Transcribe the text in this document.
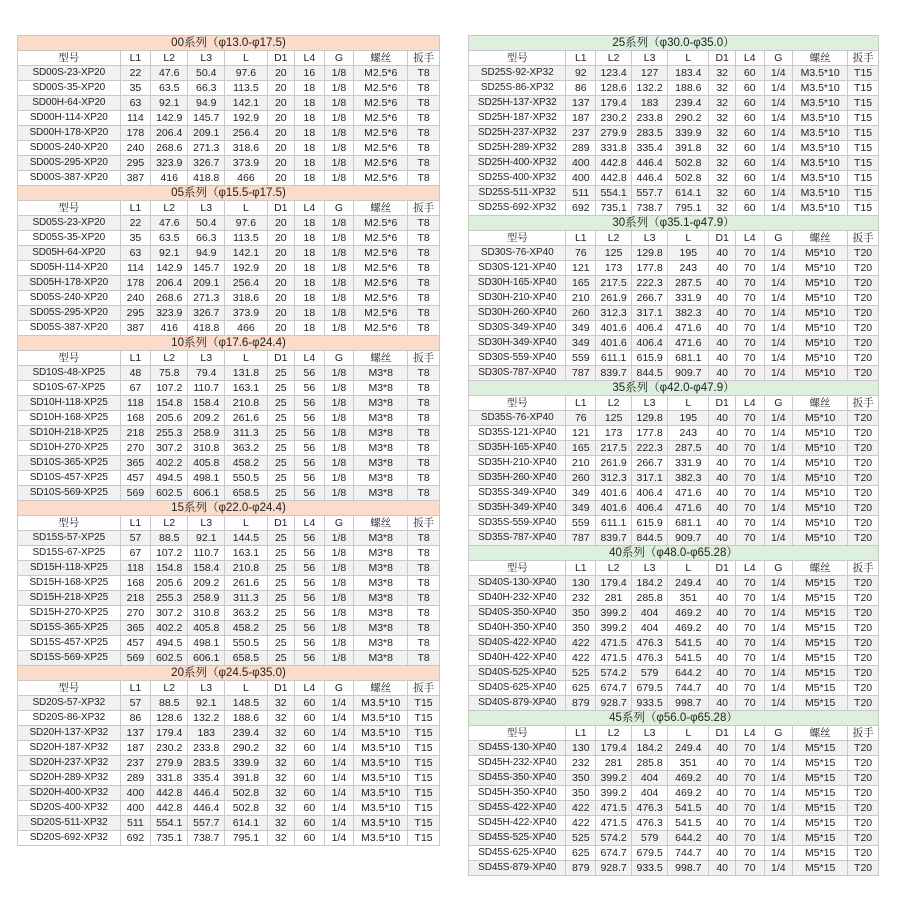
00系列（φ13.0-φ17.5)									
型号	L1	L2	L3	L	D1	L4	G	螺丝	扳手
SD00S-23-XP20	22	47.6	50.4	97.6	20	16	1/8	M2.5*6	T8
SD00S-35-XP20	35	63.5	66.3	113.5	20	18	1/8	M2.5*6	T8
SD00H-64-XP20	63	92.1	94.9	142.1	20	18	1/8	M2.5*6	T8
SD00H-114-XP20	114	142.9	145.7	192.9	20	18	1/8	M2.5*6	T8
SD00H-178-XP20	178	206.4	209.1	256.4	20	18	1/8	M2.5*6	T8
SD00S-240-XP20	240	268.6	271.3	318.6	20	18	1/8	M2.5*6	T8
SD00S-295-XP20	295	323.9	326.7	373.9	20	18	1/8	M2.5*6	T8
SD00S-387-XP20	387	416	418.8	466	20	18	1/8	M2.5*6	T8
05系列（φ15.5-φ17.5)									
型号	L1	L2	L3	L	D1	L4	G	螺丝	扳手
SD05S-23-XP20	22	47.6	50.4	97.6	20	18	1/8	M2.5*6	T8
SD05S-35-XP20	35	63.5	66.3	113.5	20	18	1/8	M2.5*6	T8
SD05H-64-XP20	63	92.1	94.9	142.1	20	18	1/8	M2.5*6	T8
SD05H-114-XP20	114	142.9	145.7	192.9	20	18	1/8	M2.5*6	T8
SD05H-178-XP20	178	206.4	209.1	256.4	20	18	1/8	M2.5*6	T8
SD05S-240-XP20	240	268.6	271.3	318.6	20	18	1/8	M2.5*6	T8
SD05S-295-XP20	295	323.9	326.7	373.9	20	18	1/8	M2.5*6	T8
SD05S-387-XP20	387	416	418.8	466	20	18	1/8	M2.5*6	T8
10系列（φ17.6-φ24.4)									
型号	L1	L2	L3	L	D1	L4	G	螺丝	扳手
SD10S-48-XP25	48	75.8	79.4	131.8	25	56	1/8	M3*8	T8
SD10S-67-XP25	67	107.2	110.7	163.1	25	56	1/8	M3*8	T8
SD10H-118-XP25	118	154.8	158.4	210.8	25	56	1/8	M3*8	T8
SD10H-168-XP25	168	205.6	209.2	261.6	25	56	1/8	M3*8	T8
SD10H-218-XP25	218	255.3	258.9	311.3	25	56	1/8	M3*8	T8
SD10H-270-XP25	270	307.2	310.8	363.2	25	56	1/8	M3*8	T8
SD10S-365-XP25	365	402.2	405.8	458.2	25	56	1/8	M3*8	T8
SD10S-457-XP25	457	494.5	498.1	550.5	25	56	1/8	M3*8	T8
SD10S-569-XP25	569	602.5	606.1	658.5	25	56	1/8	M3*8	T8
15系列（φ22.0-φ24.4)									
型号	L1	L2	L3	L	D1	L4	G	螺丝	扳手
SD15S-57-XP25	57	88.5	92.1	144.5	25	56	1/8	M3*8	T8
SD15S-67-XP25	67	107.2	110.7	163.1	25	56	1/8	M3*8	T8
SD15H-118-XP25	118	154.8	158.4	210.8	25	56	1/8	M3*8	T8
SD15H-168-XP25	168	205.6	209.2	261.6	25	56	1/8	M3*8	T8
SD15H-218-XP25	218	255.3	258.9	311.3	25	56	1/8	M3*8	T8
SD15H-270-XP25	270	307.2	310.8	363.2	25	56	1/8	M3*8	T8
SD15S-365-XP25	365	402.2	405.8	458.2	25	56	1/8	M3*8	T8
SD15S-457-XP25	457	494.5	498.1	550.5	25	56	1/8	M3*8	T8
SD15S-569-XP25	569	602.5	606.1	658.5	25	56	1/8	M3*8	T8
20系列（φ24.5-φ35.0)									
型号	L1	L2	L3	L	D1	L4	G	螺丝	扳手
SD20S-57-XP32	57	88.5	92.1	148.5	32	60	1/4	M3.5*10	T15
SD20S-86-XP32	86	128.6	132.2	188.6	32	60	1/4	M3.5*10	T15
SD20H-137-XP32	137	179.4	183	239.4	32	60	1/4	M3.5*10	T15
SD20H-187-XP32	187	230.2	233.8	290.2	32	60	1/4	M3.5*10	T15
SD20H-237-XP32	237	279.9	283.5	339.9	32	60	1/4	M3.5*10	T15
SD20H-289-XP32	289	331.8	335.4	391.8	32	60	1/4	M3.5*10	T15
SD20H-400-XP32	400	442.8	446.4	502.8	32	60	1/4	M3.5*10	T15
SD20S-400-XP32	400	442.8	446.4	502.8	32	60	1/4	M3.5*10	T15
SD20S-511-XP32	511	554.1	557.7	614.1	32	60	1/4	M3.5*10	T15
SD20S-692-XP32	692	735.1	738.7	795.1	32	60	1/4	M3.5*10	T15
25系列（φ30.0-φ35.0）									
型号	L1	L2	L3	L	D1	L4	G	螺丝	扳手
SD25S-92-XP32	92	123.4	127	183.4	32	60	1/4	M3.5*10	T15
SD25S-86-XP32	86	128.6	132.2	188.6	32	60	1/4	M3.5*10	T15
SD25H-137-XP32	137	179.4	183	239.4	32	60	1/4	M3.5*10	T15
SD25H-187-XP32	187	230.2	233.8	290.2	32	60	1/4	M3.5*10	T15
SD25H-237-XP32	237	279.9	283.5	339.9	32	60	1/4	M3.5*10	T15
SD25H-289-XP32	289	331.8	335.4	391.8	32	60	1/4	M3.5*10	T15
SD25H-400-XP32	400	442.8	446.4	502.8	32	60	1/4	M3.5*10	T15
SD25S-400-XP32	400	442.8	446.4	502.8	32	60	1/4	M3.5*10	T15
SD25S-511-XP32	511	554.1	557.7	614.1	32	60	1/4	M3.5*10	T15
SD25S-692-XP32	692	735.1	738.7	795.1	32	60	1/4	M3.5*10	T15
30系列（φ35.1-φ47.9）									
型号	L1	L2	L3	L	D1	L4	G	螺丝	扳手
SD30S-76-XP40	76	125	129.8	195	40	70	1/4	M5*10	T20
SD30S-121-XP40	121	173	177.8	243	40	70	1/4	M5*10	T20
SD30H-165-XP40	165	217.5	222.3	287.5	40	70	1/4	M5*10	T20
SD30H-210-XP40	210	261.9	266.7	331.9	40	70	1/4	M5*10	T20
SD30H-260-XP40	260	312.3	317.1	382.3	40	70	1/4	M5*10	T20
SD30S-349-XP40	349	401.6	406.4	471.6	40	70	1/4	M5*10	T20
SD30H-349-XP40	349	401.6	406.4	471.6	40	70	1/4	M5*10	T20
SD30S-559-XP40	559	611.1	615.9	681.1	40	70	1/4	M5*10	T20
SD30S-787-XP40	787	839.7	844.5	909.7	40	70	1/4	M5*10	T20
35系列（φ42.0-φ47.9）									
型号	L1	L2	L3	L	D1	L4	G	螺丝	扳手
SD35S-76-XP40	76	125	129.8	195	40	70	1/4	M5*10	T20
SD35S-121-XP40	121	173	177.8	243	40	70	1/4	M5*10	T20
SD35H-165-XP40	165	217.5	222.3	287.5	40	70	1/4	M5*10	T20
SD35H-210-XP40	210	261.9	266.7	331.9	40	70	1/4	M5*10	T20
SD35H-260-XP40	260	312.3	317.1	382.3	40	70	1/4	M5*10	T20
SD35S-349-XP40	349	401.6	406.4	471.6	40	70	1/4	M5*10	T20
SD35H-349-XP40	349	401.6	406.4	471.6	40	70	1/4	M5*10	T20
SD35S-559-XP40	559	611.1	615.9	681.1	40	70	1/4	M5*10	T20
SD35S-787-XP40	787	839.7	844.5	909.7	40	70	1/4	M5*10	T20
40系列（φ48.0-φ65.28）									
型号	L1	L2	L3	L	D1	L4	G	螺丝	扳手
SD40S-130-XP40	130	179.4	184.2	249.4	40	70	1/4	M5*15	T20
SD40H-232-XP40	232	281	285.8	351	40	70	1/4	M5*15	T20
SD40S-350-XP40	350	399.2	404	469.2	40	70	1/4	M5*15	T20
SD40H-350-XP40	350	399.2	404	469.2	40	70	1/4	M5*15	T20
SD40S-422-XP40	422	471.5	476.3	541.5	40	70	1/4	M5*15	T20
SD40H-422-XP40	422	471.5	476.3	541.5	40	70	1/4	M5*15	T20
SD40S-525-XP40	525	574.2	579	644.2	40	70	1/4	M5*15	T20
SD40S-625-XP40	625	674.7	679.5	744.7	40	70	1/4	M5*15	T20
SD40S-879-XP40	879	928.7	933.5	998.7	40	70	1/4	M5*15	T20
45系列（φ56.0-φ65.28）									
型号	L1	L2	L3	L	D1	L4	G	螺丝	扳手
SD45S-130-XP40	130	179.4	184.2	249.4	40	70	1/4	M5*15	T20
SD45H-232-XP40	232	281	285.8	351	40	70	1/4	M5*15	T20
SD45S-350-XP40	350	399.2	404	469.2	40	70	1/4	M5*15	T20
SD45H-350-XP40	350	399.2	404	469.2	40	70	1/4	M5*15	T20
SD45S-422-XP40	422	471.5	476.3	541.5	40	70	1/4	M5*15	T20
SD45H-422-XP40	422	471.5	476.3	541.5	40	70	1/4	M5*15	T20
SD45S-525-XP40	525	574.2	579	644.2	40	70	1/4	M5*15	T20
SD45S-625-XP40	625	674.7	679.5	744.7	40	70	1/4	M5*15	T20
SD45S-879-XP40	879	928.7	933.5	998.7	40	70	1/4	M5*15	T20
